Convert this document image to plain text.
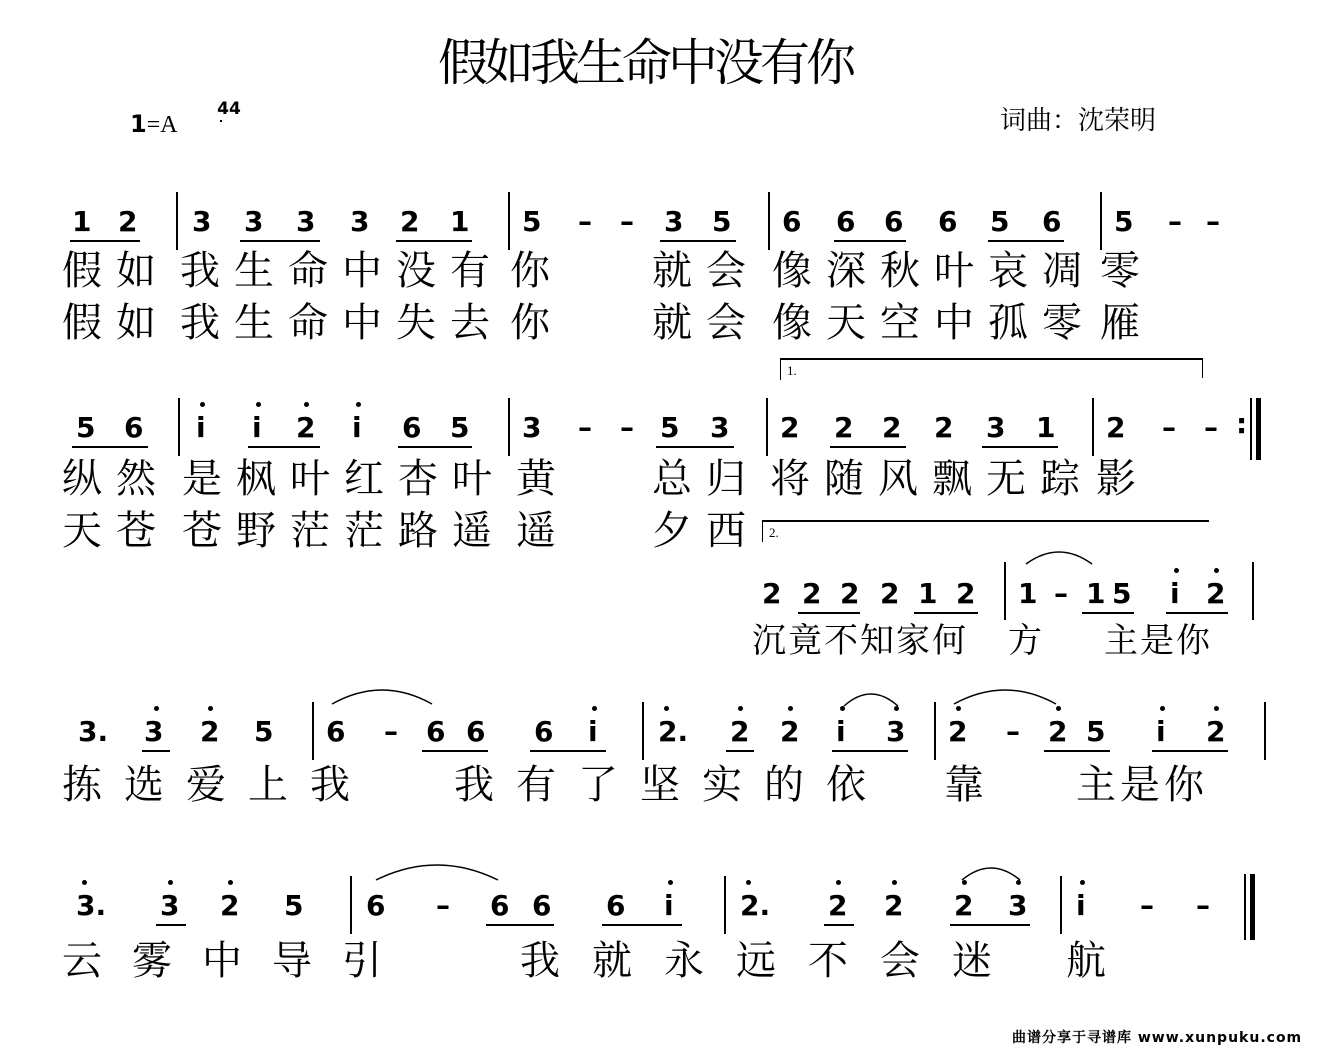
假如我生命中没有你
1=A
4
4	词曲：沈荣明
1 2 3 3 3 3 2 1 5 – – 3 5 6 6 6 6 5 6 5 – –
假如 我生命中没有 你 就会 像深秋叶哀凋 零
假如 我生命中失去 你 就会 像天空中孤零 雁
1.
5 6 i i 2 i 6 5 3 – – 5 3 2 2 2 2 3 1 2 – – :
纵然 是枫叶红杏叶 黄 总归 将随风飘无踪 影
天苍 苍野茫茫路遥 遥 夕西 2.
2 2 2 2 1 2 1 – 1 5 i 2
沉竟不知家何 方 主是你
3. 3 2 5 6 – 6 6 6 i 2. 2 2 i 3 2 – 2 5 i 2
拣选爱上我 我有了坚实的依 靠 主是你
3. 3 2 5 6 – 6 6 6 i 2. 2 2 2 3 i – –
云雾中导引	我就永远不会迷 航
曲谱分享于寻谱库 www.xunpuku.com
